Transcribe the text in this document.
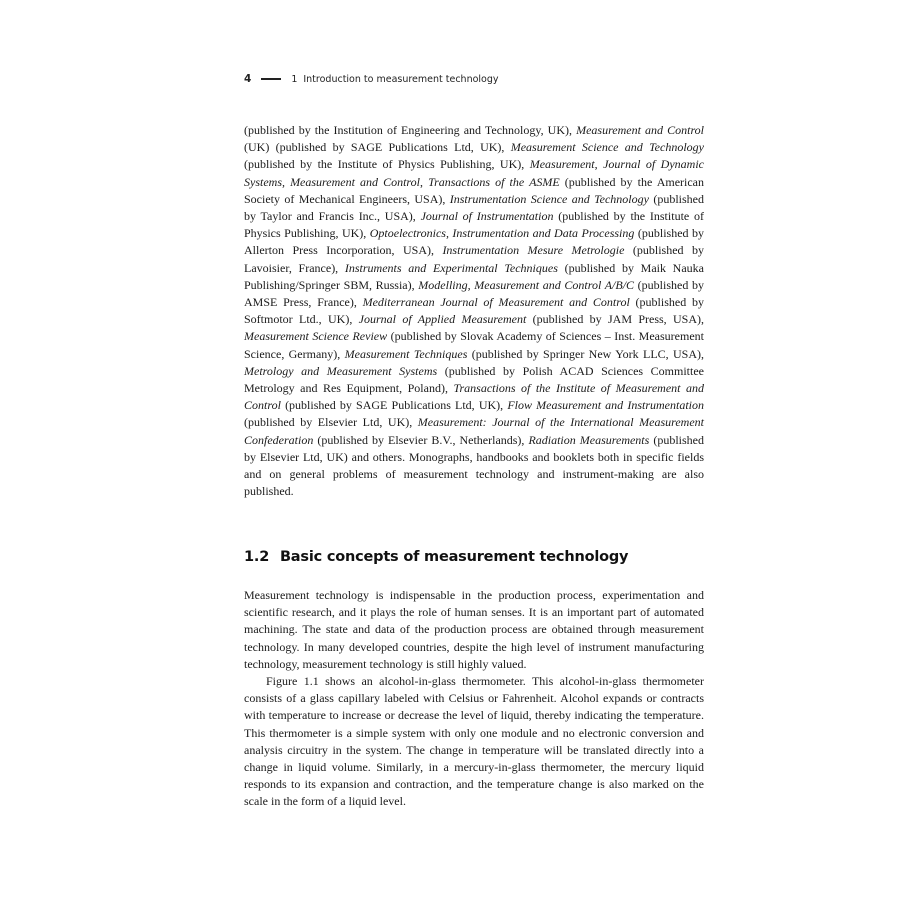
4	1 Introduction to measurement technology
(published by the Institution of Engineering and Technology, UK), Measurement and Control (UK) (published by SAGE Publications Ltd, UK), Measurement Science and Technology (published by the Institute of Physics Publishing, UK), Measurement, Journal of Dynamic Systems, Measurement and Control, Transactions of the ASME (published by the American Society of Mechanical Engineers, USA), Instrumentation Science and Technology (published by Taylor and Francis Inc., USA), Journal of Instrumentation (published by the Institute of Physics Publishing, UK), Optoelectronics, Instrumentation and Data Processing (published by Allerton Press Incorporation, USA), Instrumentation Mesure Metrologie (published by Lavoisier, France), Instruments and Experimental Techniques (published by Maik Nauka Publishing/Springer SBM, Russia), Modelling, Measurement and Control A/B/C (published by AMSE Press, France), Mediterranean Journal of Measurement and Control (published by Softmotor Ltd., UK), Journal of Applied Measurement (published by JAM Press, USA), Measurement Science Review (published by Slovak Academy of Sciences – Inst. Measurement Science, Germany), Measurement Techniques (published by Springer New York LLC, USA), Metrology and Measurement Systems (published by Polish ACAD Sciences Committee Metrology and Res Equipment, Poland), Transactions of the Institute of Measurement and Control (published by SAGE Publications Ltd, UK), Flow Measurement and Instrumentation (published by Elsevier Ltd, UK), Measurement: Journal of the International Measurement Confederation (published by Elsevier B.V., Netherlands), Radiation Measurements (published by Elsevier Ltd, UK) and others. Monographs, handbooks and booklets both in specific fields and on general problems of measurement technology and instrument-making are also published.
1.2 Basic concepts of measurement technology

Measurement technology is indispensable in the production process, experimentation and scientific research, and it plays the role of human senses. It is an important part of automated machining. The state and data of the production process are obtained through measurement technology. In many developed countries, despite the high level of instrument manufacturing technology, measurement technology is still highly valued.

Figure 1.1 shows an alcohol-in-glass thermometer. This alcohol-in-glass thermometer consists of a glass capillary labeled with Celsius or Fahrenheit. Alcohol expands or contracts with temperature to increase or decrease the level of liquid, thereby indicating the temperature. This thermometer is a simple system with only one module and no electronic conversion and analysis circuitry in the system. The change in temperature will be translated directly into a change in liquid volume. Similarly, in a mercury-in-glass thermometer, the mercury liquid responds to its expansion and contraction, and the temperature change is also marked on the scale in the form of a liquid level.
